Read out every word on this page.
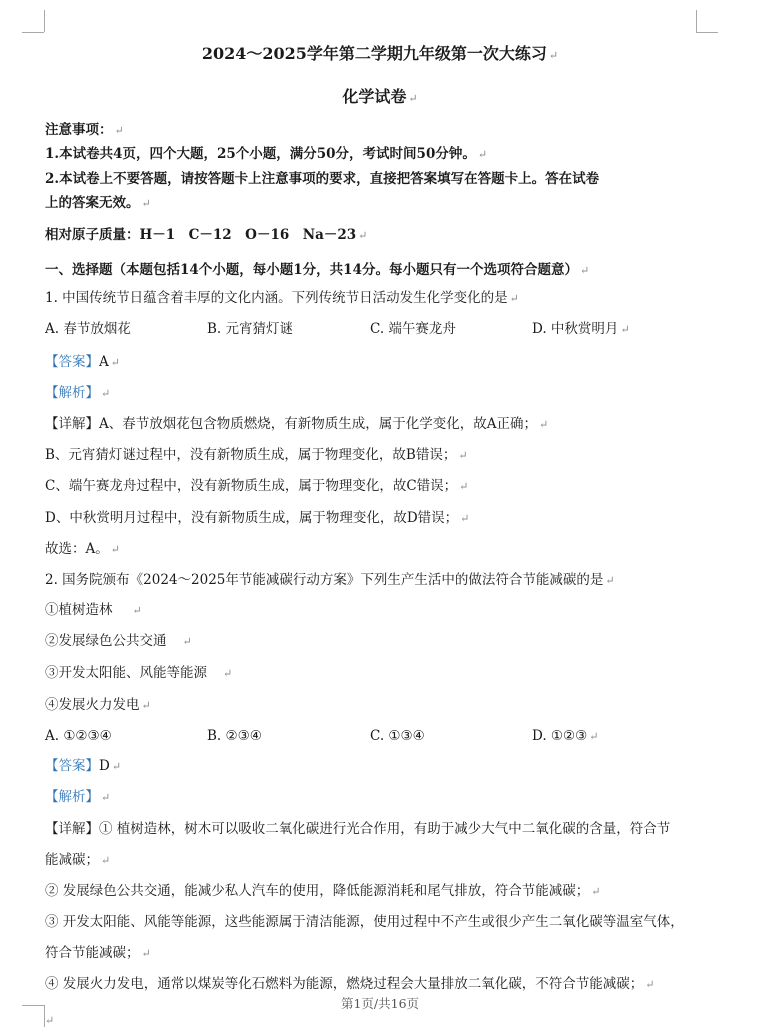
2024～2025学年第二学期九年级第一次大练习 ↵
化学试卷 ↵
注意事项： ↵
1.本试卷共4页，四个大题，25个小题，满分50分，考试时间50分钟。 ↵
2.本试卷上不要答题，请按答题卡上注意事项的要求，直接把答案填写在答题卡上。答在试卷
上的答案无效。 ↵
相对原子质量：H－1　C－12　O－16　Na－23 ↵
一、选择题（本题包括14个小题，每小题1分，共14分。每小题只有一个选项符合题意） ↵
1. 中国传统节日蕴含着丰厚的文化内涵。下列传统节日活动发生化学变化的是 ↵
A. 春节放烟花	B. 元宵猜灯谜	C. 端午赛龙舟	D. 中秋赏明月 ↵
【答案】A ↵
【解析】 ↵
【详解】A、春节放烟花包含物质燃烧，有新物质生成，属于化学变化，故A正确； ↵
B、元宵猜灯谜过程中，没有新物质生成，属于物理变化，故B错误； ↵
C、端午赛龙舟过程中，没有新物质生成，属于物理变化，故C错误； ↵
D、中秋赏明月过程中，没有新物质生成，属于物理变化，故D错误； ↵
故选：A。 ↵
2. 国务院颁布《2024～2025年节能减碳行动方案》下列生产生活中的做法符合节能减碳的是 ↵
①植树造林 ↵
②发展绿色公共交通 ↵
③开发太阳能、风能等能源 ↵
④发展火力发电 ↵
A. ①②③④	B. ②③④	C. ①③④	D. ①②③ ↵
【答案】D ↵
【解析】 ↵
【详解】① 植树造林，树木可以吸收二氧化碳进行光合作用，有助于减少大气中二氧化碳的含量，符合节
能减碳； ↵
② 发展绿色公共交通，能减少私人汽车的使用，降低能源消耗和尾气排放，符合节能减碳； ↵
③ 开发太阳能、风能等能源，这些能源属于清洁能源，使用过程中不产生或很少产生二氧化碳等温室气体，
符合节能减碳； ↵
④ 发展火力发电，通常以煤炭等化石燃料为能源，燃烧过程会大量排放二氧化碳，不符合节能减碳； ↵
第1页/共16页
↵
